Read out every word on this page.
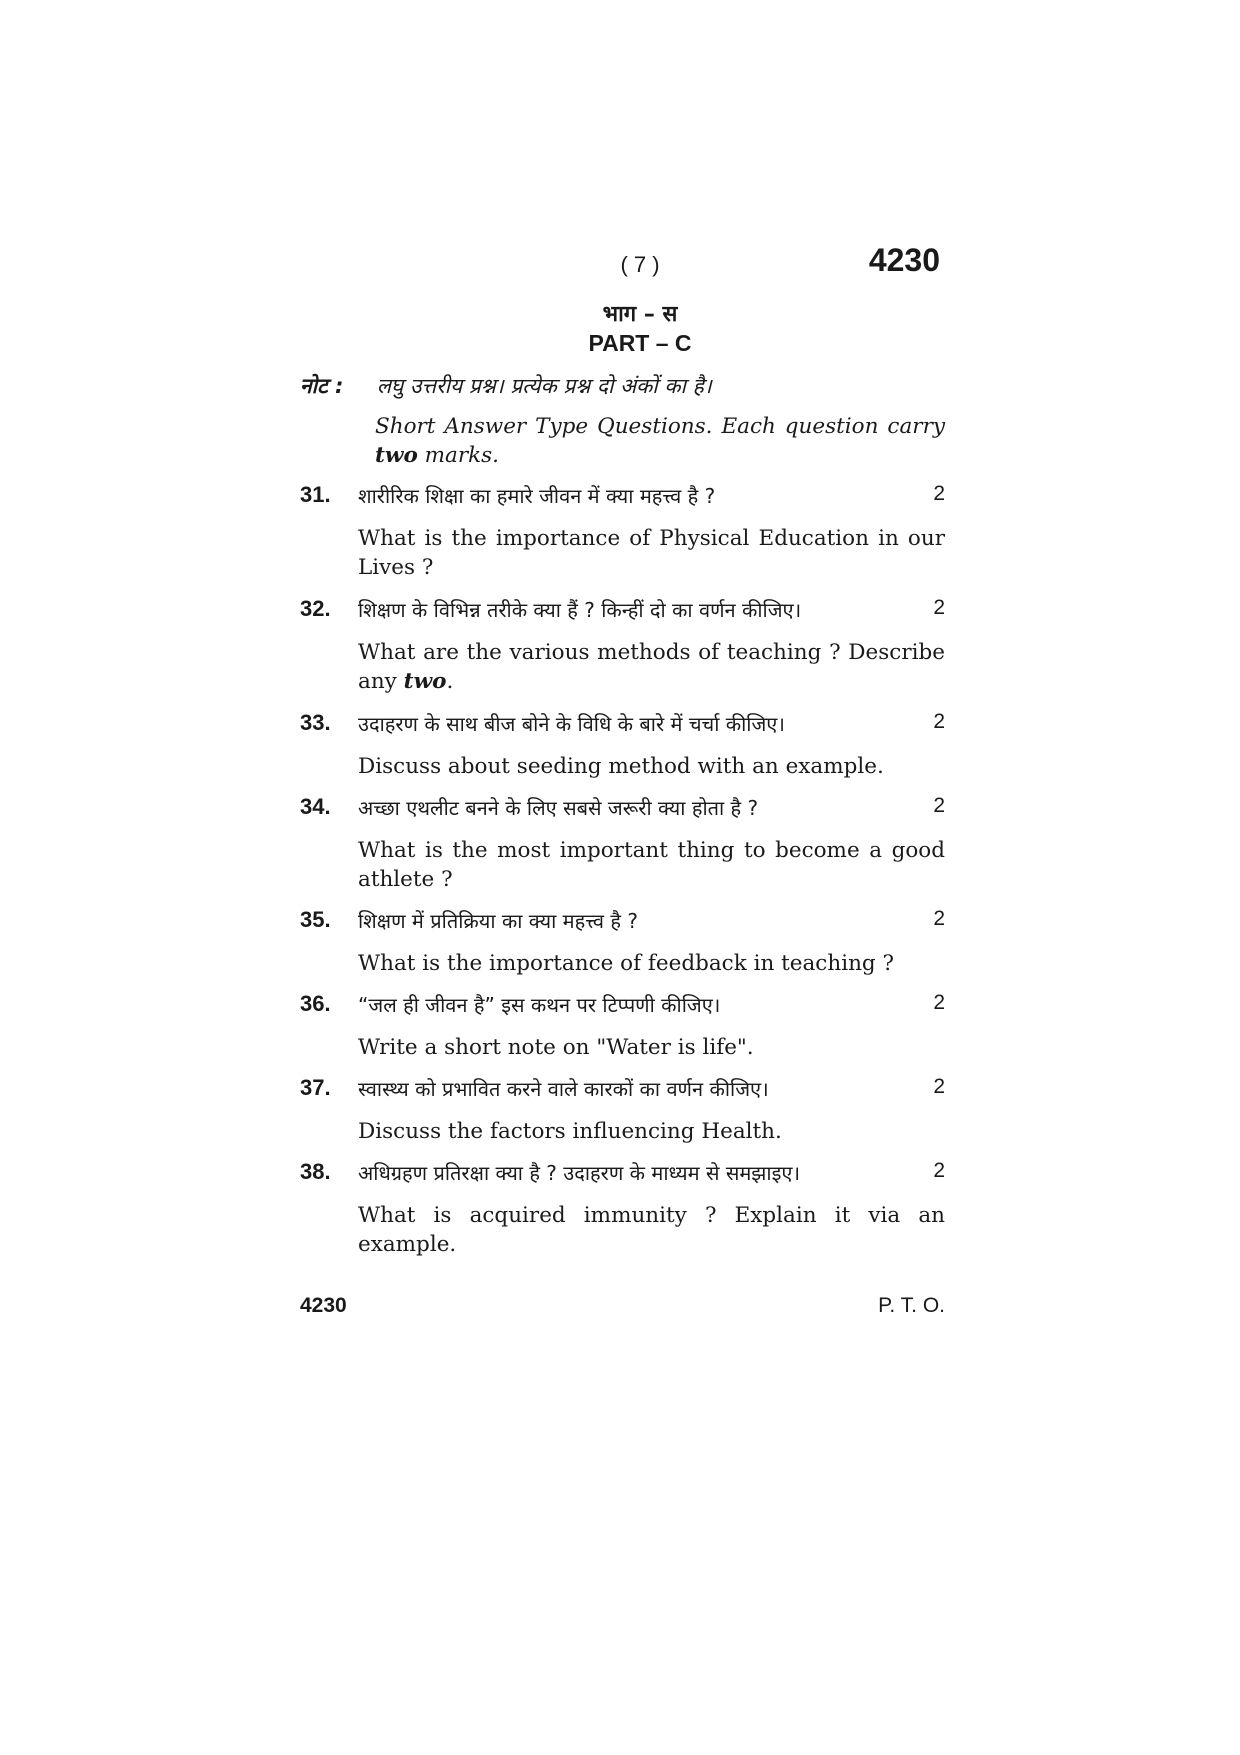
( 7 )	4230
भाग – स
PART – C
नोट : लघु उत्तरीय प्रश्न। प्रत्येक प्रश्न दो अंकों का है।
Short Answer Type Questions. Each question carry two marks.
31. शारीरिक शिक्षा का हमारे जीवन में क्या महत्त्व है ?	2
What is the importance of Physical Education in our Lives ?
32. शिक्षण के विभिन्न तरीके क्या हैं ? किन्हीं दो का वर्णन कीजिए।	2
What are the various methods of teaching ? Describe any two.
33. उदाहरण के साथ बीज बोने के विधि के बारे में चर्चा कीजिए।	2
Discuss about seeding method with an example.
34. अच्छा एथलीट बनने के लिए सबसे जरूरी क्या होता है ?	2
What is the most important thing to become a good athlete ?
35. शिक्षण में प्रतिक्रिया का क्या महत्त्व है ?	2
What is the importance of feedback in teaching ?
36. “जल ही जीवन है” इस कथन पर टिप्पणी कीजिए।	2
Write a short note on "Water is life".
37. स्वास्थ्य को प्रभावित करने वाले कारकों का वर्णन कीजिए।	2
Discuss the factors influencing Health.
38. अधिग्रहण प्रतिरक्षा क्या है ? उदाहरण के माध्यम से समझाइए।	2
What is acquired immunity ? Explain it via an example.
4230	P. T. O.
